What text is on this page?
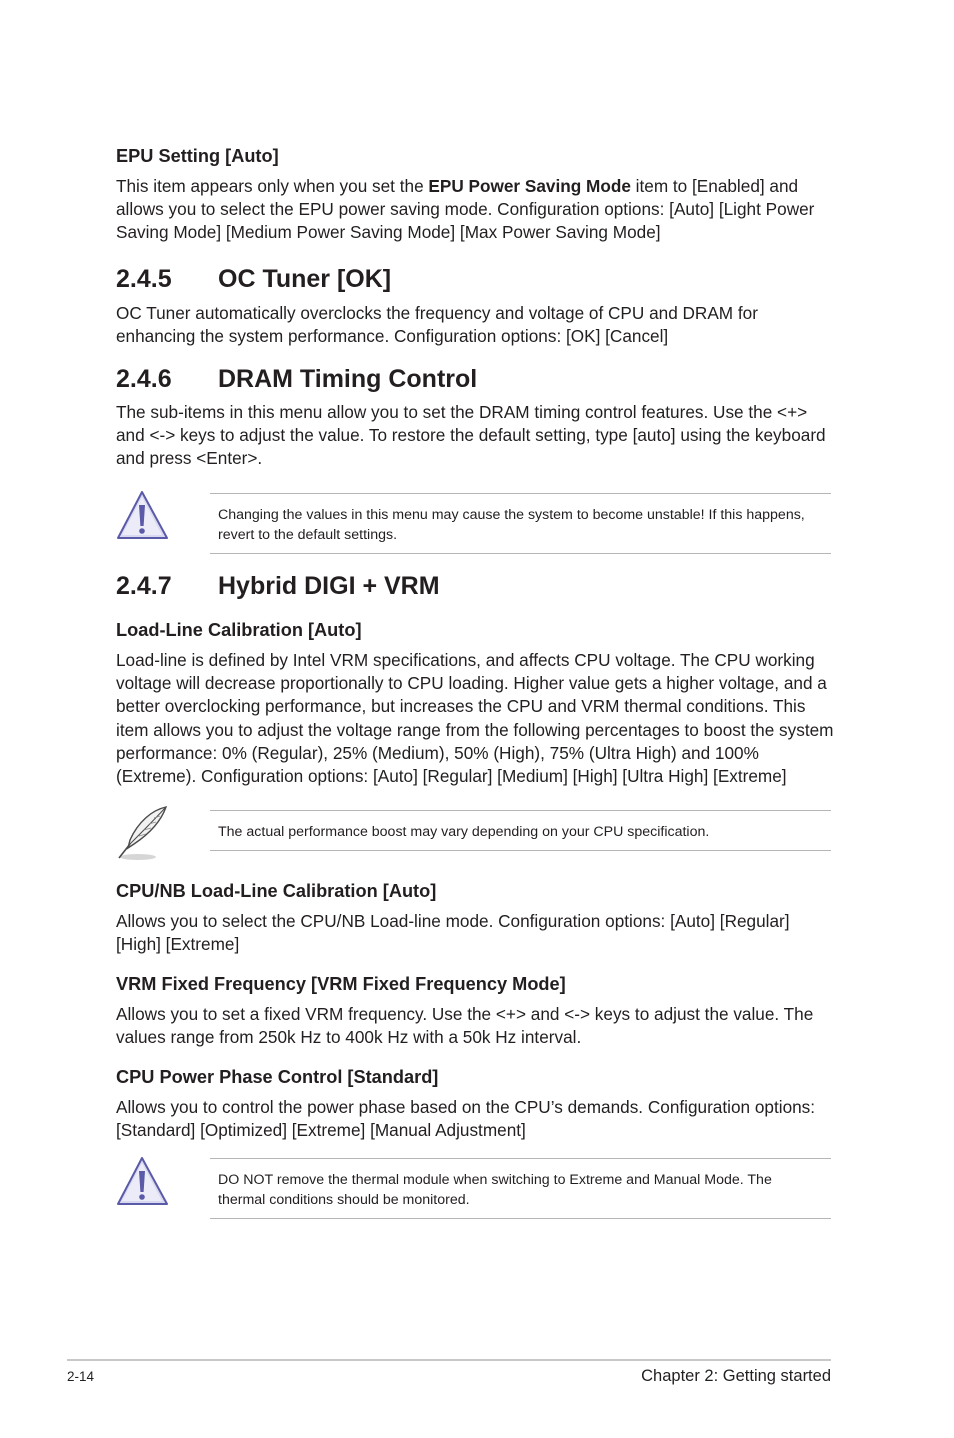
EPU Setting [Auto]

This item appears only when you set the EPU Power Saving Mode item to [Enabled] and allows you to select the EPU power saving mode. Configuration options: [Auto] [Light Power Saving Mode] [Medium Power Saving Mode] [Max Power Saving Mode]

2.4.5 OC Tuner [OK]

OC Tuner automatically overclocks the frequency and voltage of CPU and DRAM for enhancing the system performance. Configuration options: [OK] [Cancel]

2.4.6 DRAM Timing Control

The sub-items in this menu allow you to set the DRAM timing control features. Use the <+> and <-> keys to adjust the value. To restore the default setting, type [auto] using the keyboard and press <Enter>.

Changing the values in this menu may cause the system to become unstable! If this happens, revert to the default settings.

2.4.7 Hybrid DIGI + VRM
Load-Line Calibration [Auto]

Load-line is defined by Intel VRM specifications, and affects CPU voltage. The CPU working voltage will decrease proportionally to CPU loading. Higher value gets a higher voltage, and a better overclocking performance, but increases the CPU and VRM thermal conditions. This item allows you to adjust the voltage range from the following percentages to boost the system performance: 0% (Regular), 25% (Medium), 50% (High), 75% (Ultra High) and 100% (Extreme). Configuration options: [Auto] [Regular] [Medium] [High] [Ultra High] [Extreme]

The actual performance boost may vary depending on your CPU specification.

CPU/NB Load-Line Calibration [Auto]

Allows you to select the CPU/NB Load-line mode. Configuration options: [Auto] [Regular] [High] [Extreme]

VRM Fixed Frequency [VRM Fixed Frequency Mode]

Allows you to set a fixed VRM frequency. Use the <+> and <-> keys to adjust the value. The values range from 250k Hz to 400k Hz with a 50k Hz interval.

CPU Power Phase Control [Standard]

Allows you to control the power phase based on the CPU’s demands. Configuration options: [Standard] [Optimized] [Extreme] [Manual Adjustment]

DO NOT remove the thermal module when switching to Extreme and Manual Mode. The thermal conditions should be monitored.

2-14	Chapter 2: Getting started
